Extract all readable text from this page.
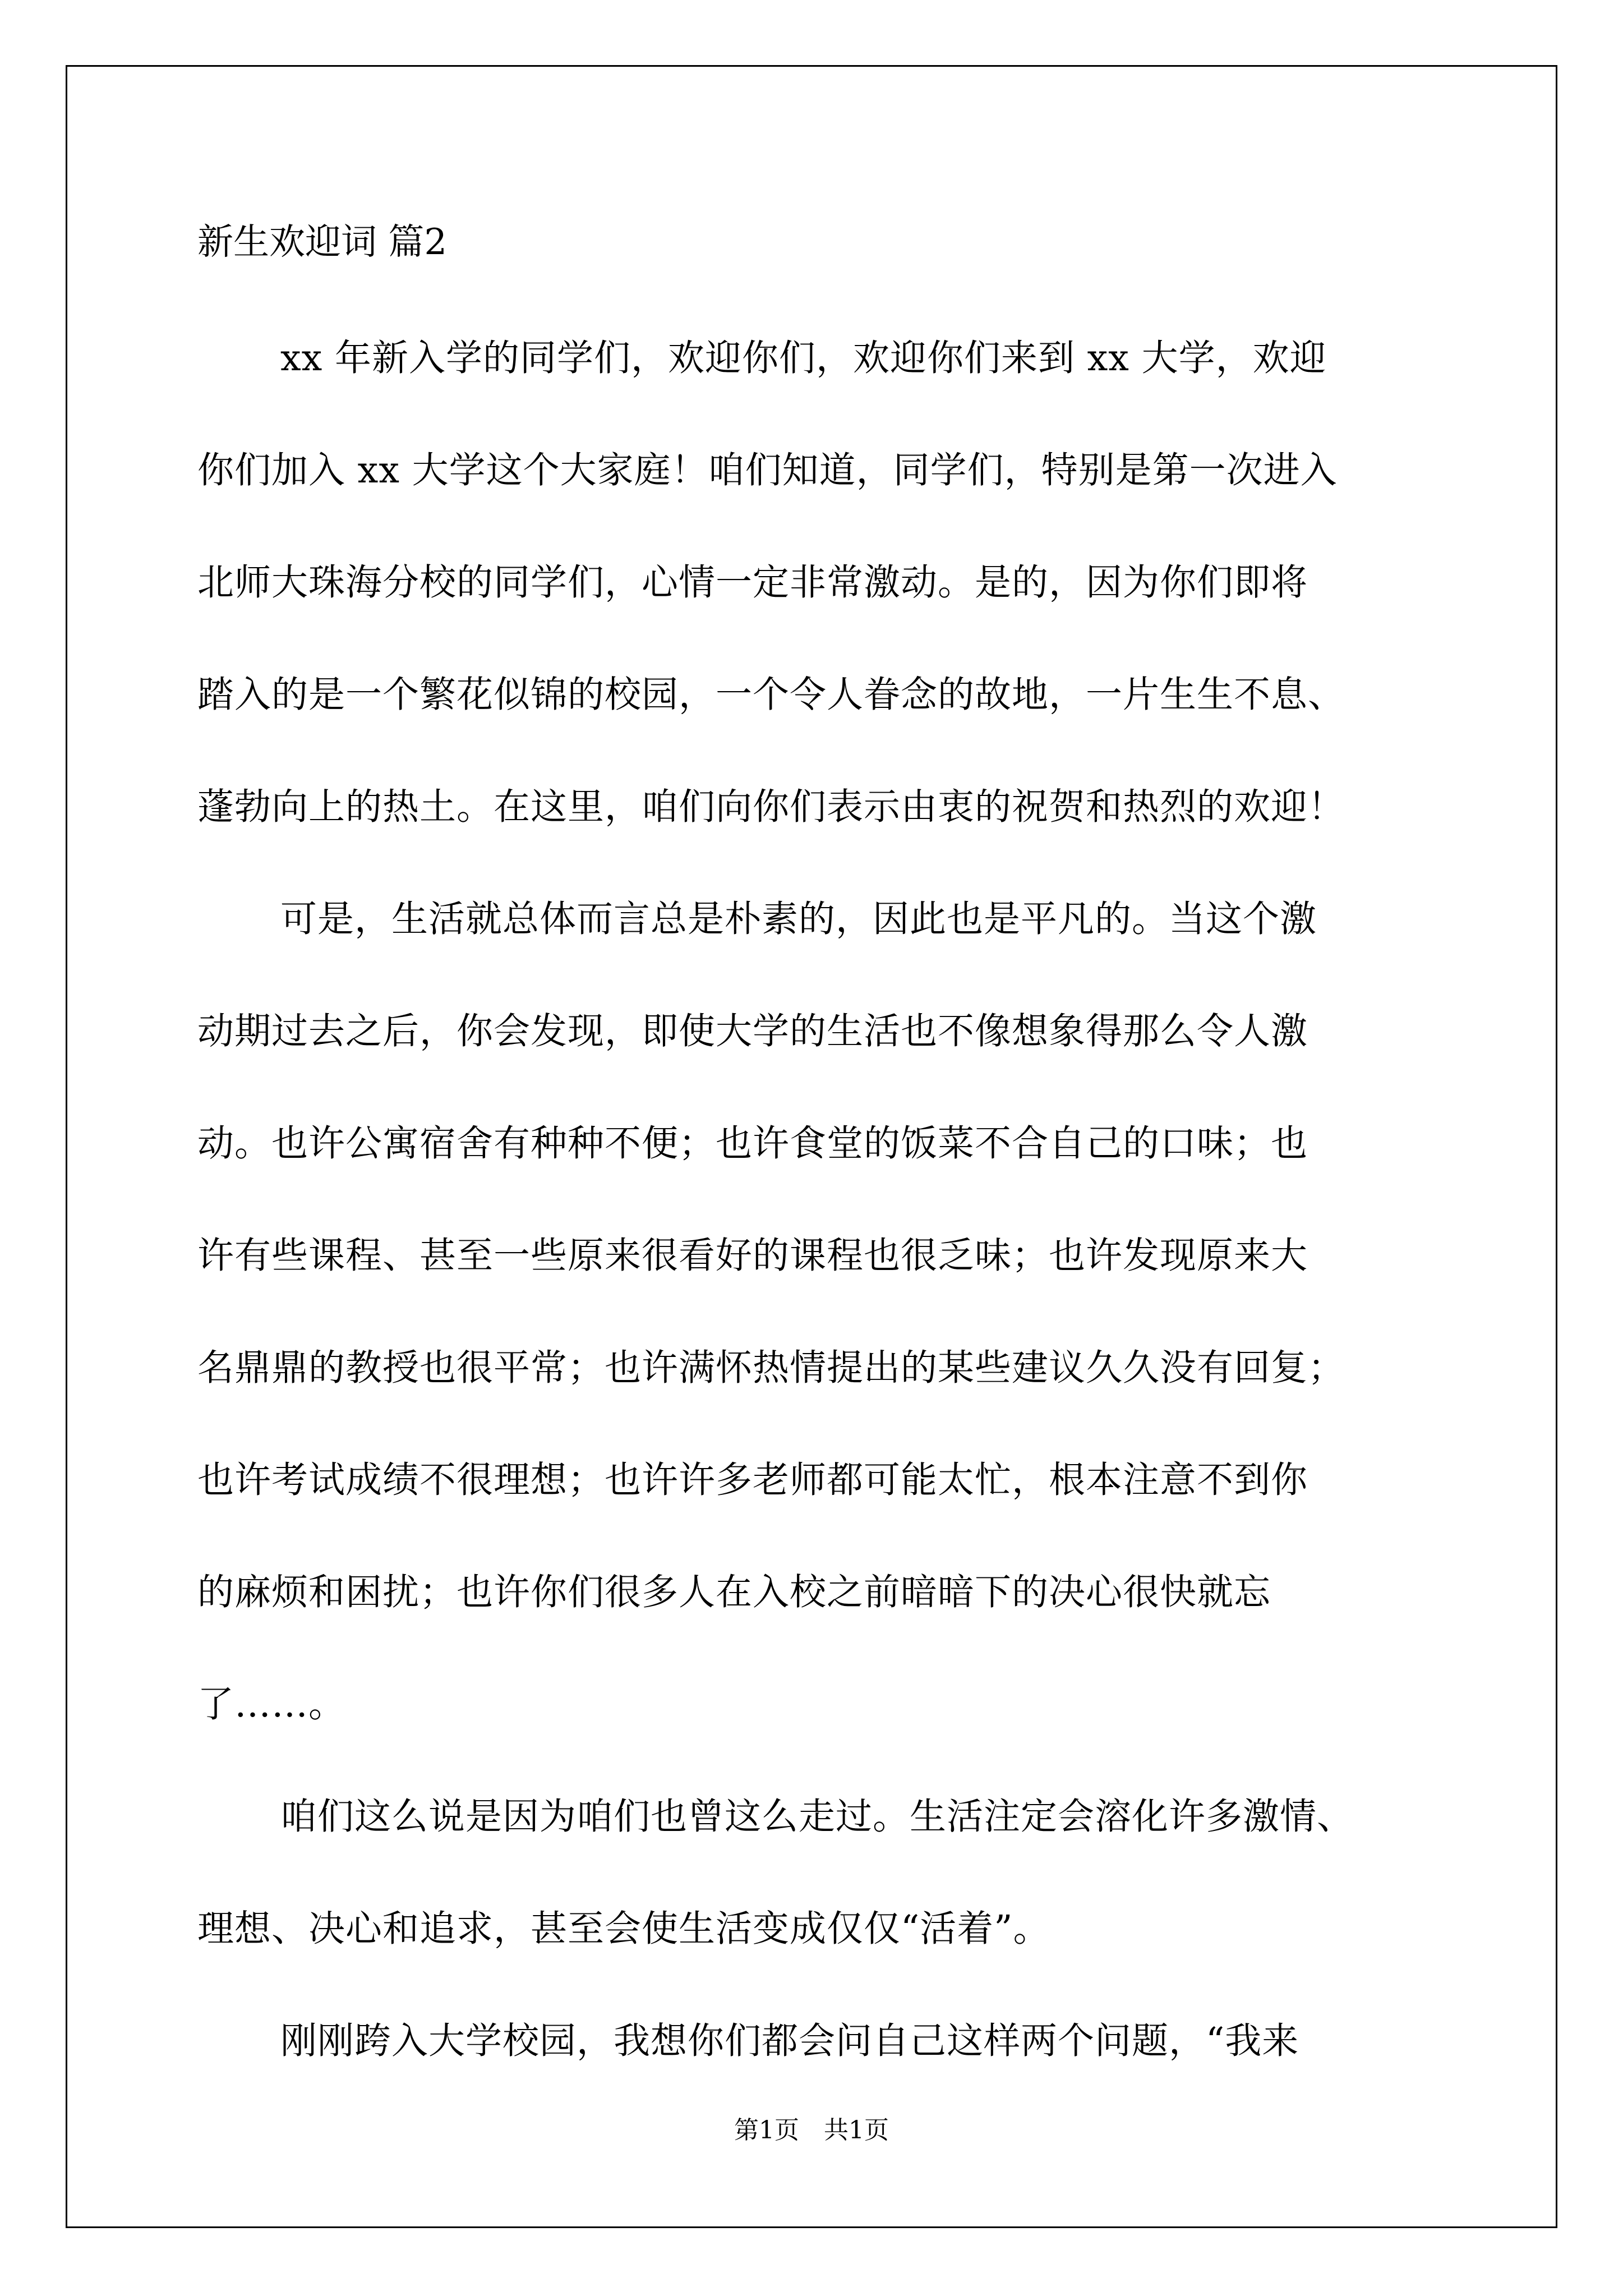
新生欢迎词 篇2
xx 年新入学的同学们，欢迎你们，欢迎你们来到 xx 大学，欢迎
你们加入 xx 大学这个大家庭！咱们知道，同学们，特别是第一次进入
北师大珠海分校的同学们，心情一定非常激动。是的，因为你们即将
踏入的是一个繁花似锦的校园，一个令人眷念的故地，一片生生不息、
蓬勃向上的热土。在这里，咱们向你们表示由衷的祝贺和热烈的欢迎！
可是，生活就总体而言总是朴素的，因此也是平凡的。当这个激
动期过去之后，你会发现，即使大学的生活也不像想象得那么令人激
动。也许公寓宿舍有种种不便；也许食堂的饭菜不合自己的口味；也
许有些课程、甚至一些原来很看好的课程也很乏味；也许发现原来大
名鼎鼎的教授也很平常；也许满怀热情提出的某些建议久久没有回复；
也许考试成绩不很理想；也许许多老师都可能太忙，根本注意不到你
的麻烦和困扰；也许你们很多人在入校之前暗暗下的决心很快就忘
了……。
咱们这么说是因为咱们也曾这么走过。生活注定会溶化许多激情、
理想、决心和追求，甚至会使生活变成仅仅“活着”。
刚刚跨入大学校园，我想你们都会问自己这样两个问题，“我来
第1页　共1页
